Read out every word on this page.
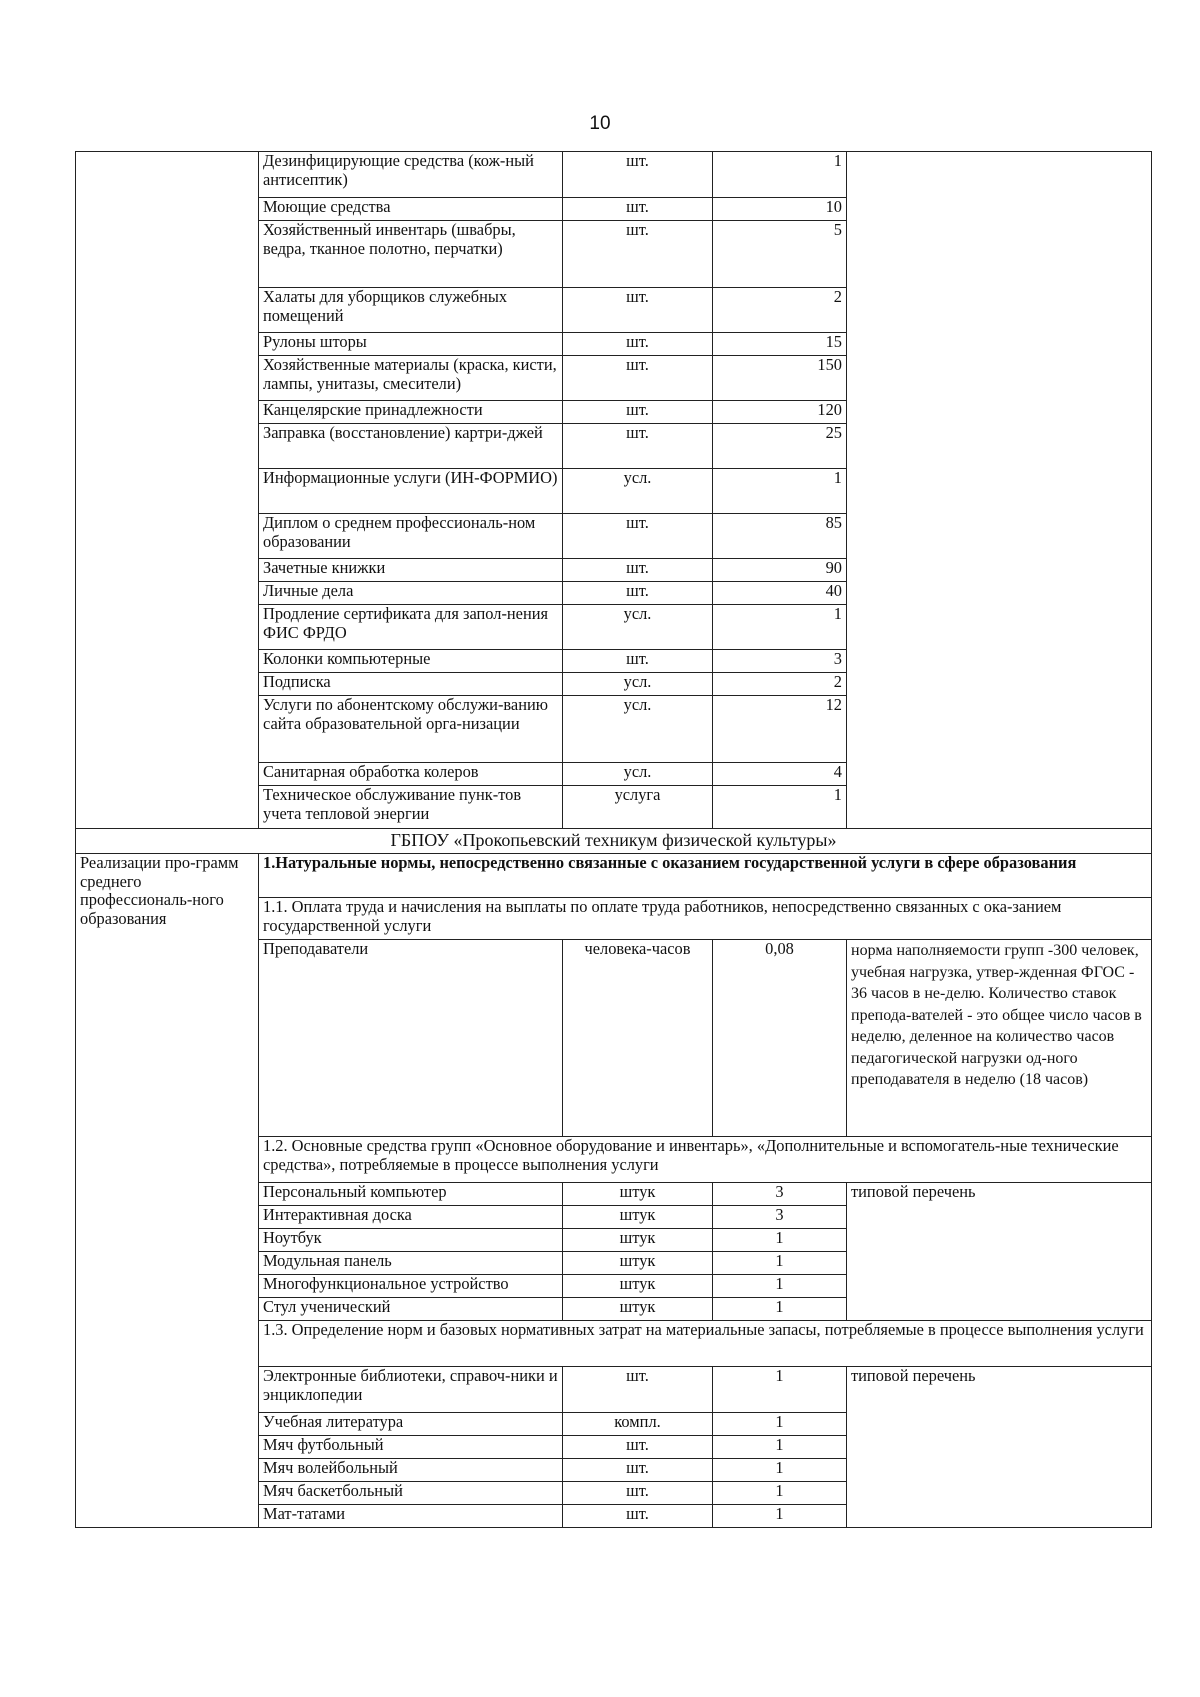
10
	Дезинфицирующие средства (кож-ный антисептик)	шт.	1	
	Моющие средства	шт.	10	
	Хозяйственный инвентарь (швабры, ведра, тканное полотно, перчатки)	шт.	5	
	Халаты для уборщиков служебных помещений	шт.	2	
	Рулоны шторы	шт.	15	
	Хозяйственные материалы (краска, кисти, лампы, унитазы, смесители)	шт.	150	
	Канцелярские принадлежности	шт.	120	
	Заправка (восстановление) картри-джей	шт.	25	
	Информационные услуги (ИН-ФОРМИО)	усл.	1	
	Диплом о среднем профессиональ-ном образовании	шт.	85	
	Зачетные книжки	шт.	90	
	Личные дела	шт.	40	
	Продление сертификата для запол-нения ФИС ФРДО	усл.	1	
	Колонки компьютерные	шт.	3	
	Подписка	усл.	2	
	Услуги по абонентскому обслужи-ванию сайта образовательной орга-низации	усл.	12	
	Санитарная обработка колеров	усл.	4	
	Техническое обслуживание пунк-тов учета тепловой энергии	услуга	1	
ГБПОУ «Прокопьевский техникум физической культуры»				
Реализации про-грамм среднего профессиональ-ного образования	1.Натуральные нормы, непосредственно связанные с оказанием государственной услуги в сфере образования			
	1.1. Оплата труда и начисления на выплаты по оплате труда работников, непосредственно связанных с ока-занием государственной услуги			
	Преподаватели	человека-часов	0,08	норма наполняемости групп -300 человек, учебная нагрузка, утвер-жденная ФГОС - 36 часов в не-делю. Количество ставок препода-вателей - это общее число часов в неделю, деленное на количество часов педагогической нагрузки од-ного преподавателя в неделю (18 часов)
	1.2. Основные средства групп «Основное оборудование и инвентарь», «Дополнительные и вспомогатель-ные технические средства», потребляемые в процессе выполнения услуги			
	Персональный компьютер	штук	3	типовой перечень
	Интерактивная доска	штук	3	
	Ноутбук	штук	1	
	Модульная панель	штук	1	
	Многофункциональное устройство	штук	1	
	Стул ученический	штук	1	
	1.3. Определение норм и базовых нормативных затрат на материальные запасы, потребляемые в процессе выполнения услуги			
	Электронные библиотеки, справоч-ники и энциклопедии	шт.	1	типовой перечень
	Учебная литература	компл.	1	
	Мяч футбольный	шт.	1	
	Мяч волейбольный	шт.	1	
	Мяч баскетбольный	шт.	1	
	Мат-татами	шт.	1	
